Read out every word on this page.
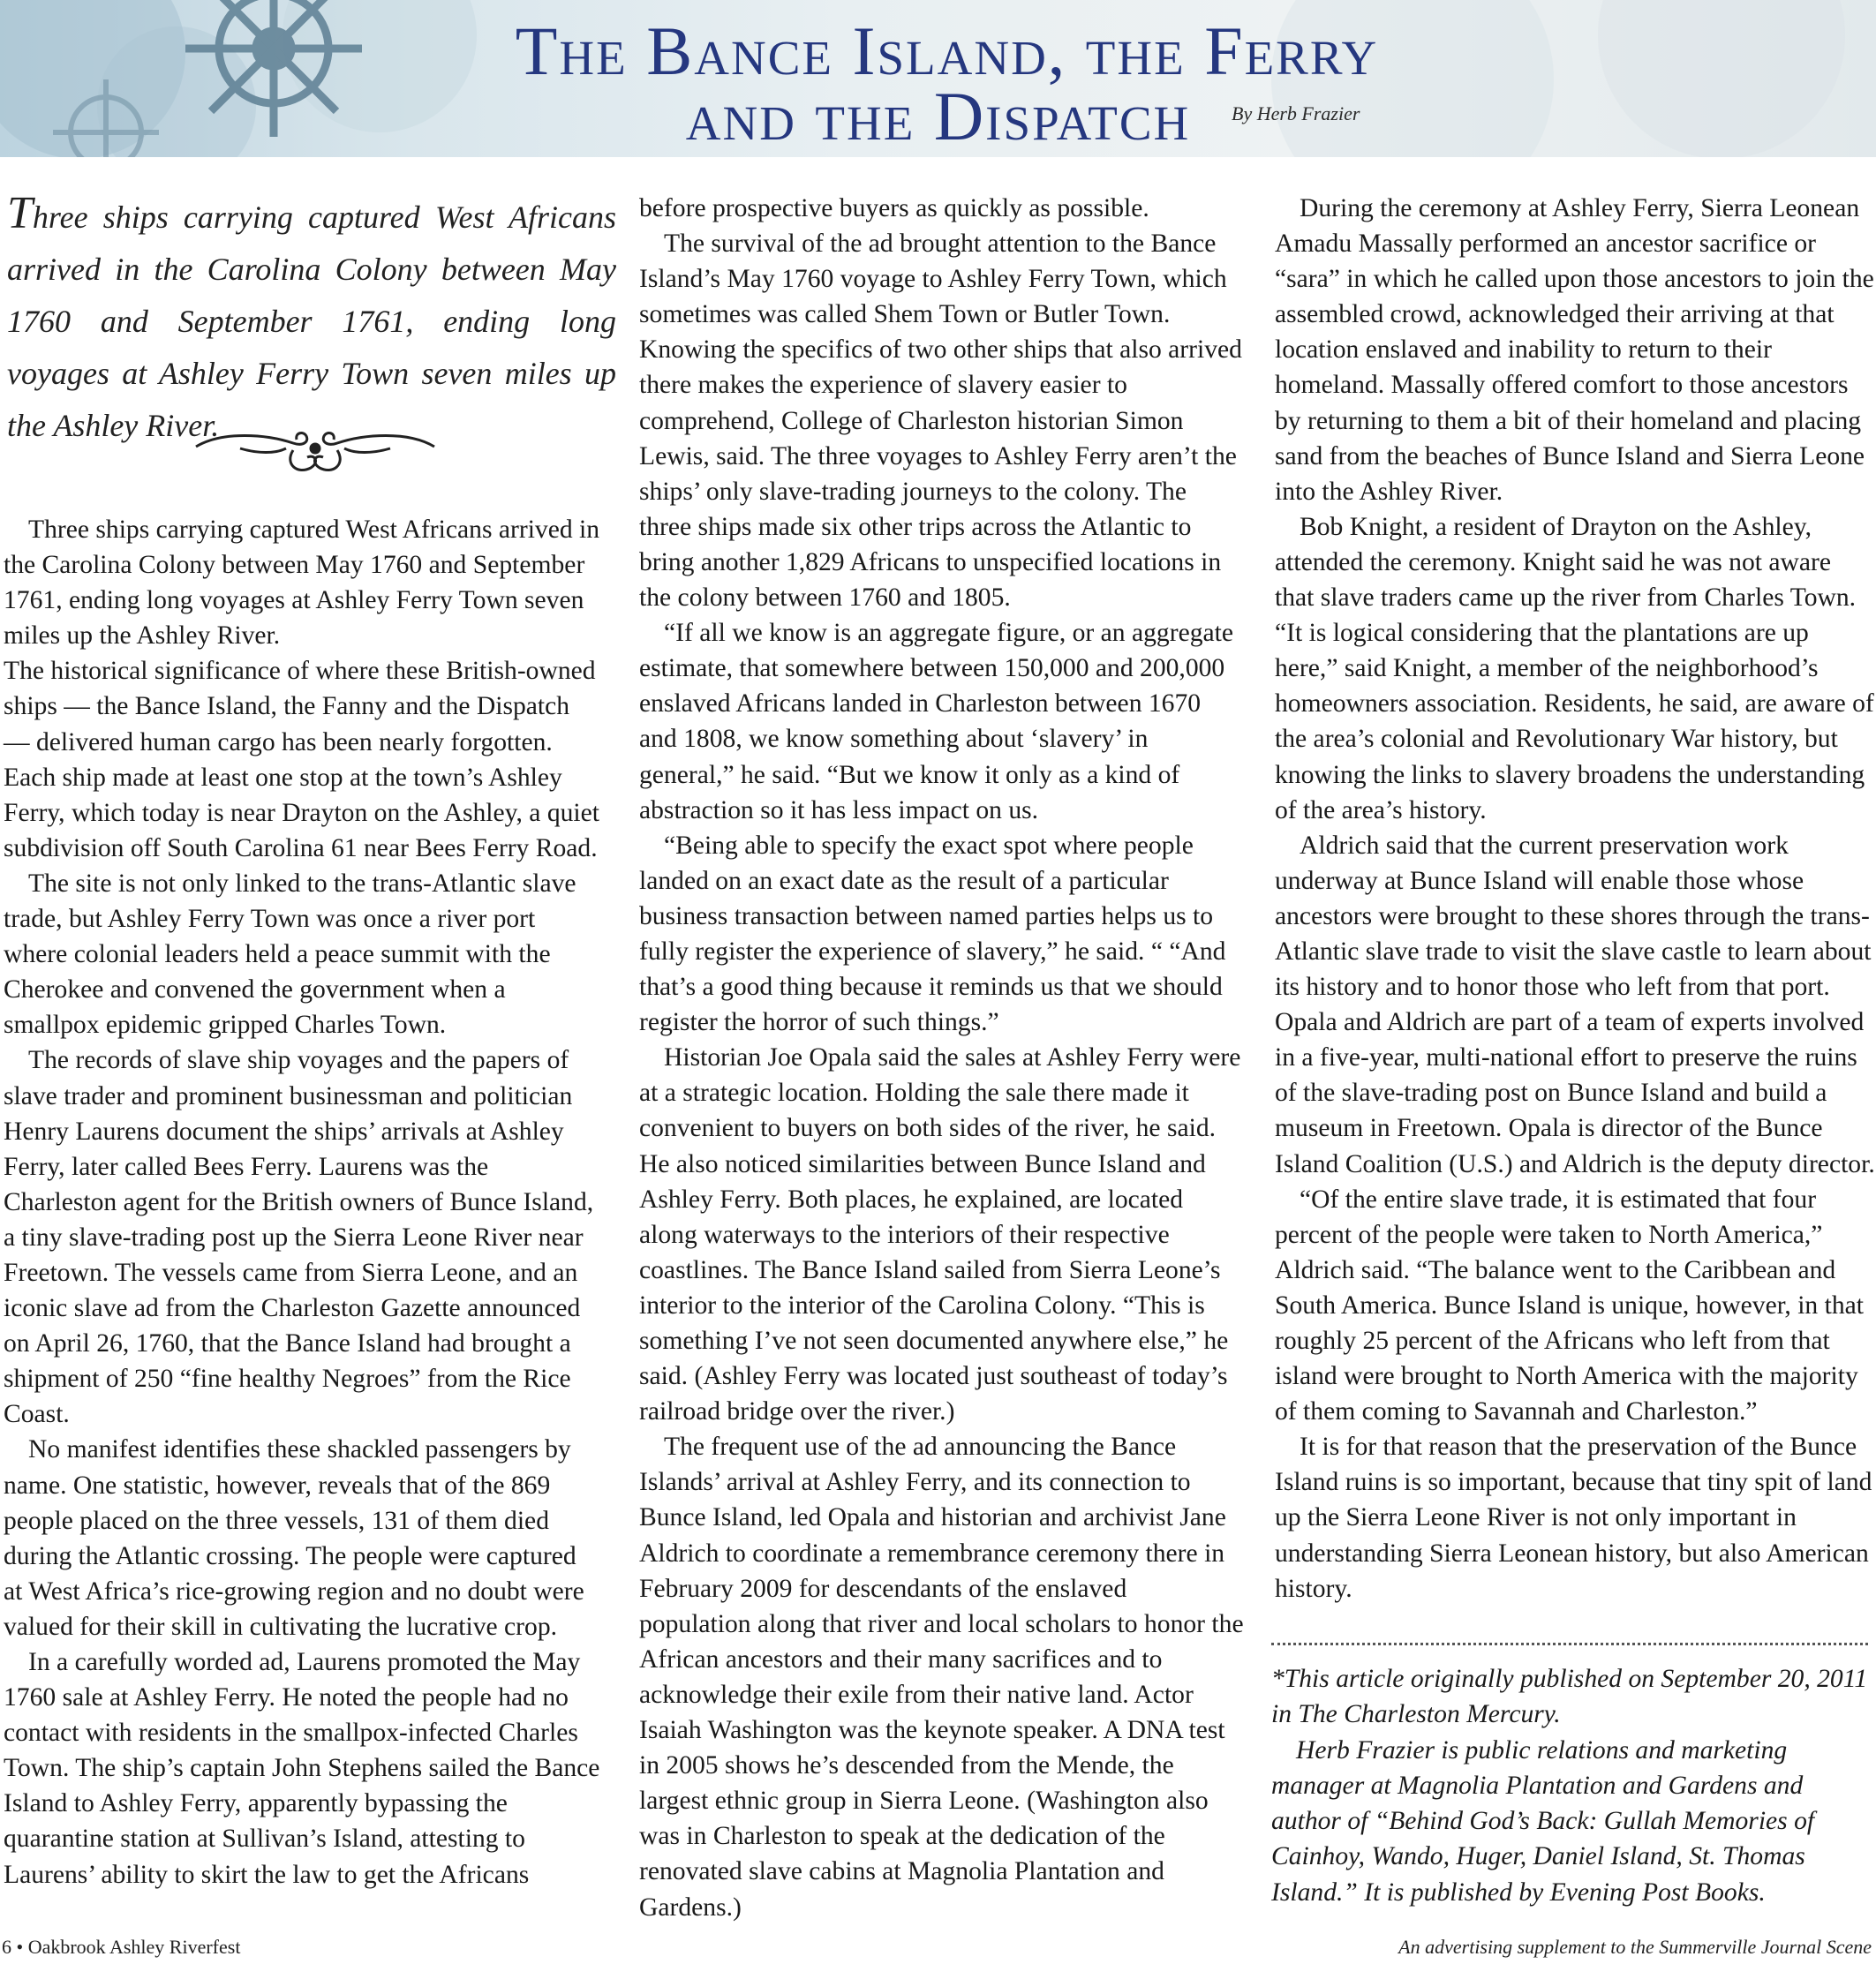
The Bance Island, the Ferry
and the Dispatch	By Herb Frazier
Three ships carrying captured West Africans arrived in the Carolina Colony between May 1760 and September 1761, ending long voyages at Ashley Ferry Town seven miles up the Ashley River.

Three ships carrying captured West Africans arrived in the Carolina Colony between May 1760 and September 1761, ending long voyages at Ashley Ferry Town seven miles up the Ashley River.

The historical significance of where these British-owned ships — the Bance Island, the Fanny and the Dispatch — delivered human cargo has been nearly forgotten. Each ship made at least one stop at the town’s Ashley Ferry, which today is near Drayton on the Ashley, a quiet subdivision off South Carolina 61 near Bees Ferry Road.

The site is not only linked to the trans-Atlantic slave trade, but Ashley Ferry Town was once a river port where colonial leaders held a peace summit with the Cherokee and convened the government when a smallpox epidemic gripped Charles Town.

The records of slave ship voyages and the papers of slave trader and prominent businessman and politician Henry Laurens document the ships’ arrivals at Ashley Ferry, later called Bees Ferry. Laurens was the Charleston agent for the British owners of Bunce Island, a tiny slave-trading post up the Sierra Leone River near Freetown. The vessels came from Sierra Leone, and an iconic slave ad from the Charleston Gazette announced on April 26, 1760, that the Bance Island had brought a shipment of 250 “fine healthy Negroes” from the Rice Coast.

No manifest identifies these shackled passengers by name. One statistic, however, reveals that of the 869 people placed on the three vessels, 131 of them died during the Atlantic crossing. The people were captured at West Africa’s rice-growing region and no doubt were valued for their skill in cultivating the lucrative crop.

In a carefully worded ad, Laurens promoted the May 1760 sale at Ashley Ferry. He noted the people had no contact with residents in the smallpox-infected Charles Town. The ship’s captain John Stephens sailed the Bance Island to Ashley Ferry, apparently bypassing the quarantine station at Sullivan’s Island, attesting to Laurens’ ability to skirt the law to get the Africans

before prospective buyers as quickly as possible.

The survival of the ad brought attention to the Bance Island’s May 1760 voyage to Ashley Ferry Town, which sometimes was called Shem Town or Butler Town. Knowing the specifics of two other ships that also arrived there makes the experience of slavery easier to comprehend, College of Charleston historian Simon Lewis, said. The three voyages to Ashley Ferry aren’t the ships’ only slave-trading journeys to the colony. The three ships made six other trips across the Atlantic to bring another 1,829 Africans to unspecified locations in the colony between 1760 and 1805.

“If all we know is an aggregate figure, or an aggregate estimate, that somewhere between 150,000 and 200,000 enslaved Africans landed in Charleston between 1670 and 1808, we know something about ‘slavery’ in general,” he said. “But we know it only as a kind of abstraction so it has less impact on us.

“Being able to specify the exact spot where people landed on an exact date as the result of a particular business transaction between named parties helps us to fully register the experience of slavery,” he said. “ “And that’s a good thing because it reminds us that we should register the horror of such things.”

Historian Joe Opala said the sales at Ashley Ferry were at a strategic location. Holding the sale there made it convenient to buyers on both sides of the river, he said. He also noticed similarities between Bunce Island and Ashley Ferry. Both places, he explained, are located along waterways to the interiors of their respective coastlines. The Bance Island sailed from Sierra Leone’s interior to the interior of the Carolina Colony. “This is something I’ve not seen documented anywhere else,” he said. (Ashley Ferry was located just southeast of today’s railroad bridge over the river.)

The frequent use of the ad announcing the Bance Islands’ arrival at Ashley Ferry, and its connection to Bunce Island, led Opala and historian and archivist Jane Aldrich to coordinate a remembrance ceremony there in February 2009 for descendants of the enslaved population along that river and local scholars to honor the African ancestors and their many sacrifices and to acknowledge their exile from their native land. Actor Isaiah Washington was the keynote speaker. A DNA test in 2005 shows he’s descended from the Mende, the largest ethnic group in Sierra Leone. (Washington also was in Charleston to speak at the dedication of the renovated slave cabins at Magnolia Plantation and Gardens.)

During the ceremony at Ashley Ferry, Sierra Leonean Amadu Massally performed an ancestor sacrifice or “sara” in which he called upon those ancestors to join the assembled crowd, acknowledged their arriving at that location enslaved and inability to return to their homeland. Massally offered comfort to those ancestors by returning to them a bit of their homeland and placing sand from the beaches of Bunce Island and Sierra Leone into the Ashley River.

Bob Knight, a resident of Drayton on the Ashley, attended the ceremony. Knight said he was not aware that slave traders came up the river from Charles Town. “It is logical considering that the plantations are up here,” said Knight, a member of the neighborhood’s homeowners association. Residents, he said, are aware of the area’s colonial and Revolutionary War history, but knowing the links to slavery broadens the understanding of the area’s history.

Aldrich said that the current preservation work underway at Bunce Island will enable those whose ancestors were brought to these shores through the trans-Atlantic slave trade to visit the slave castle to learn about its history and to honor those who left from that port. Opala and Aldrich are part of a team of experts involved in a five-year, multi-national effort to preserve the ruins of the slave-trading post on Bunce Island and build a museum in Freetown. Opala is director of the Bunce Island Coalition (U.S.) and Aldrich is the deputy director.

“Of the entire slave trade, it is estimated that four percent of the people were taken to North America,” Aldrich said. “The balance went to the Caribbean and South America. Bunce Island is unique, however, in that roughly 25 percent of the Africans who left from that island were brought to North America with the majority of them coming to Savannah and Charleston.”

It is for that reason that the preservation of the Bunce Island ruins is so important, because that tiny spit of land up the Sierra Leone River is not only important in understanding Sierra Leonean history, but also American history.

*This article originally published on September 20, 2011 in The Charleston Mercury.

Herb Frazier is public relations and marketing manager at Magnolia Plantation and Gardens and author of “Behind God’s Back: Gullah Memories of Cainhoy, Wando, Huger, Daniel Island, St. Thomas Island.” It is published by Evening Post Books.

6 • Oakbrook Ashley Riverfest	An advertising supplement to the Summerville Journal Scene
